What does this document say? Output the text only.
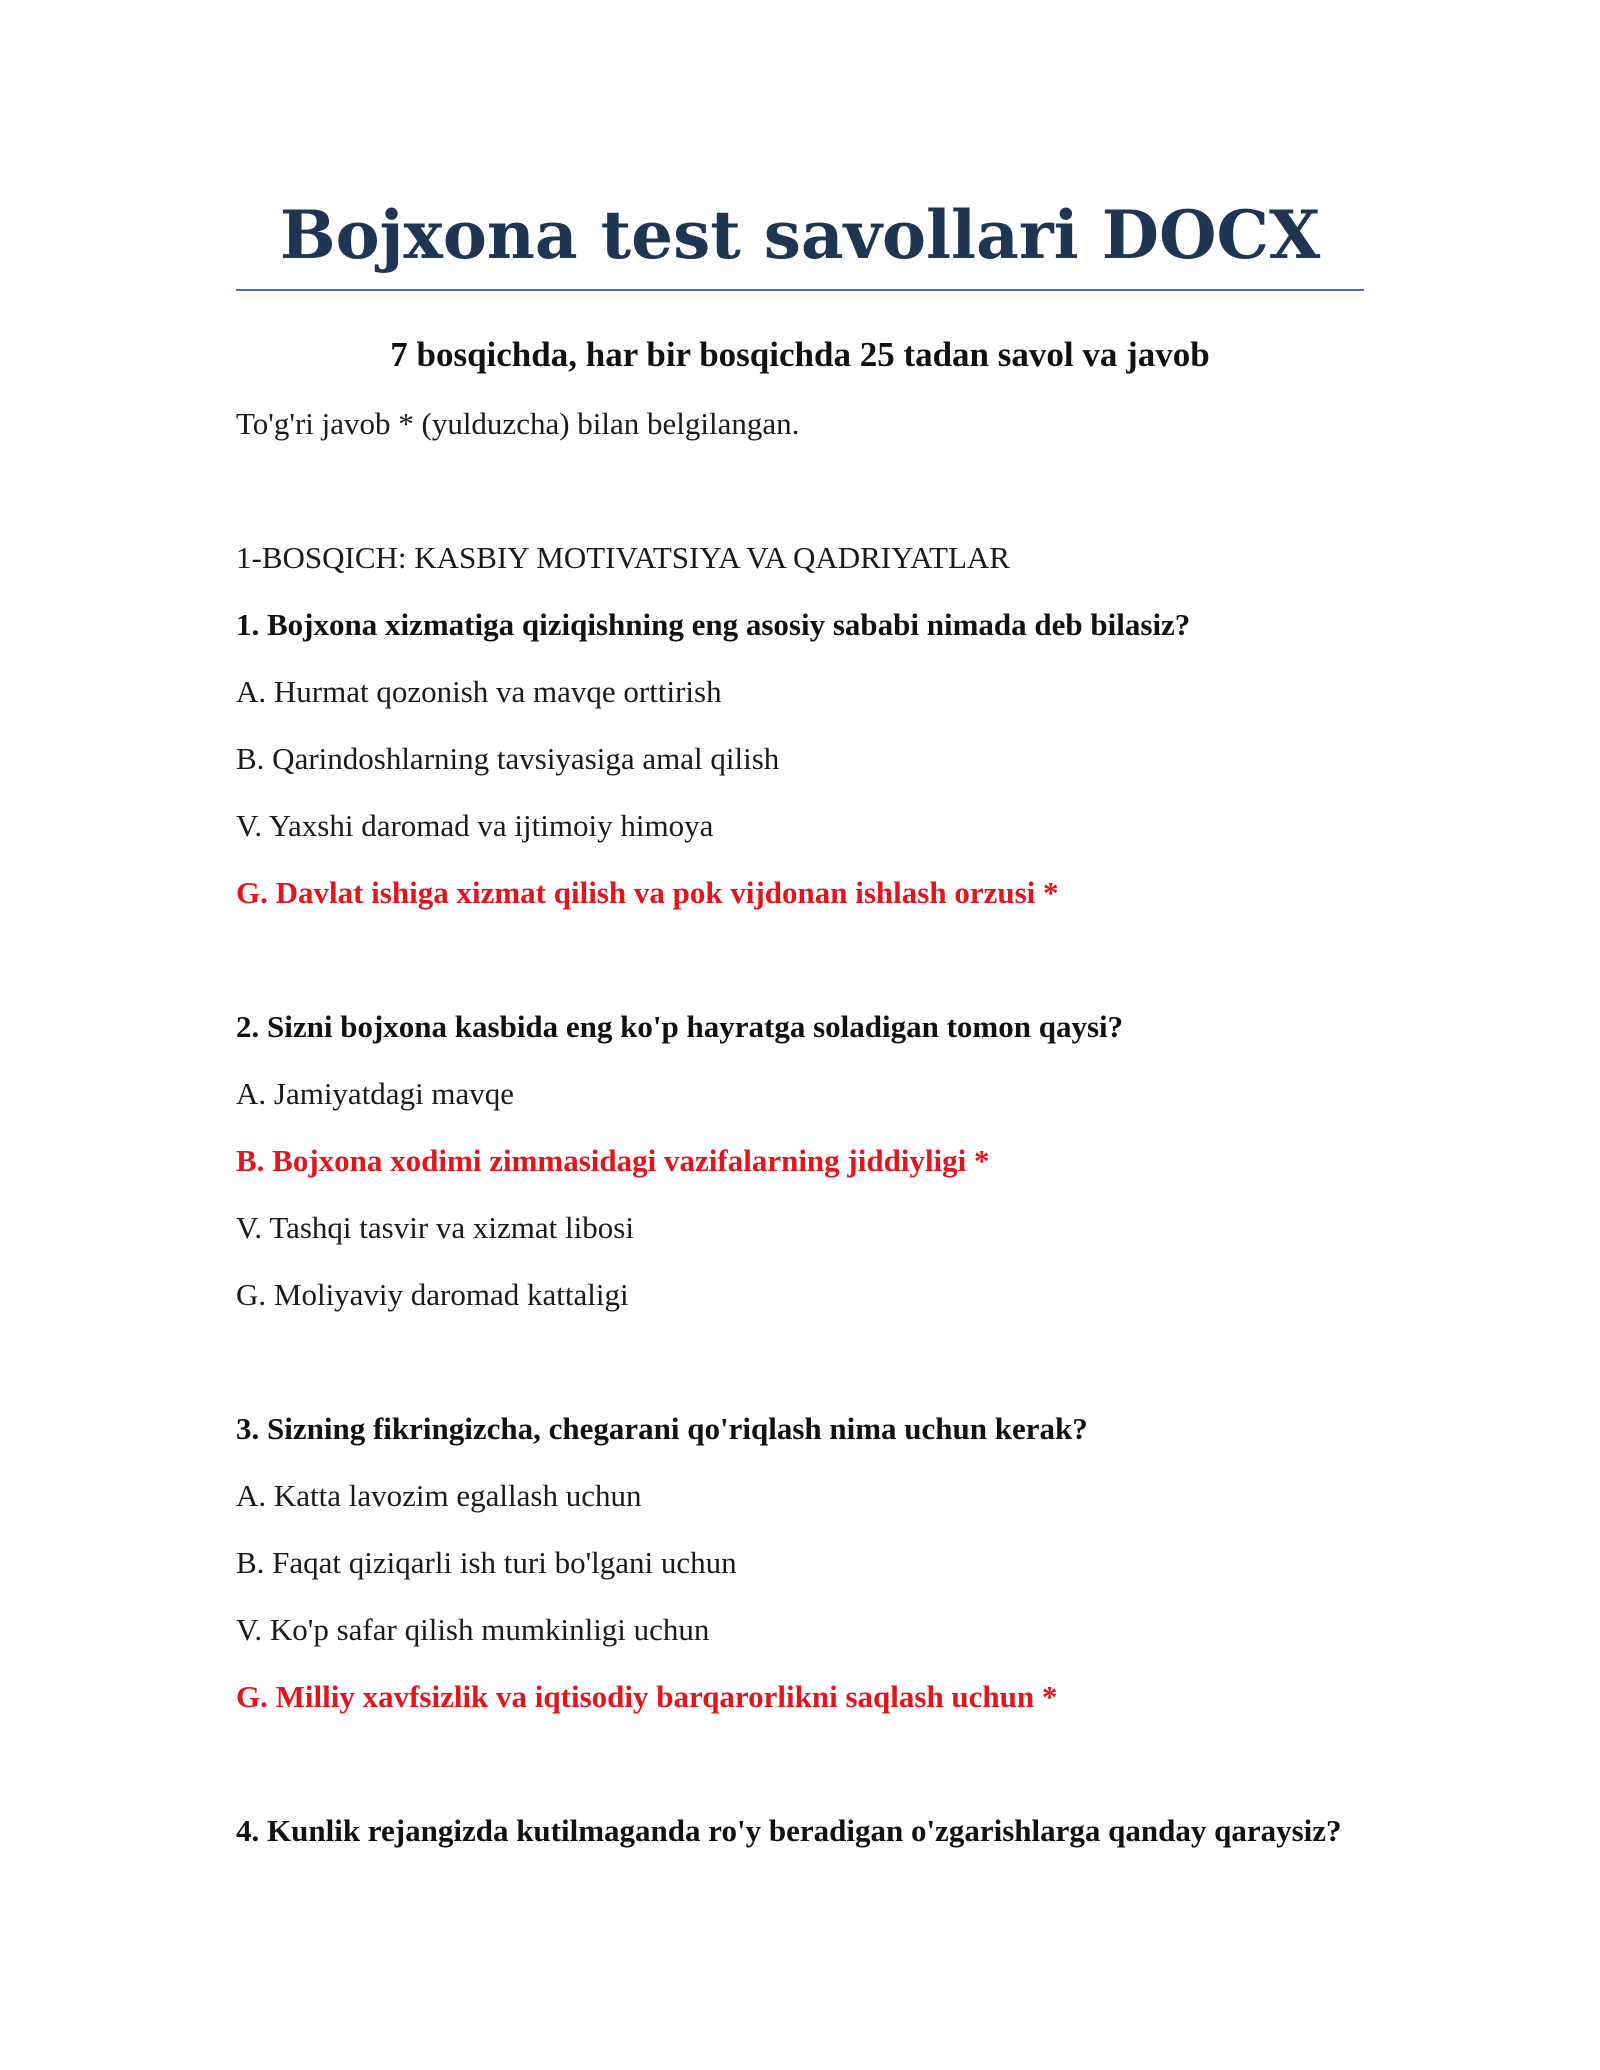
Bojxona test savollari DOCX
7 bosqichda, har bir bosqichda 25 tadan savol va javob

To'g'ri javob * (yulduzcha) bilan belgilangan.

1-BOSQICH: KASBIY MOTIVATSIYA VA QADRIYATLAR

1. Bojxona xizmatiga qiziqishning eng asosiy sababi nimada deb bilasiz?

A. Hurmat qozonish va mavqe orttirish

B. Qarindoshlarning tavsiyasiga amal qilish

V. Yaxshi daromad va ijtimoiy himoya

G. Davlat ishiga xizmat qilish va pok vijdonan ishlash orzusi *

2. Sizni bojxona kasbida eng ko'p hayratga soladigan tomon qaysi?

A. Jamiyatdagi mavqe

B. Bojxona xodimi zimmasidagi vazifalarning jiddiyligi *

V. Tashqi tasvir va xizmat libosi

G. Moliyaviy daromad kattaligi

3. Sizning fikringizcha, chegarani qo'riqlash nima uchun kerak?

A. Katta lavozim egallash uchun

B. Faqat qiziqarli ish turi bo'lgani uchun

V. Ko'p safar qilish mumkinligi uchun

G. Milliy xavfsizlik va iqtisodiy barqarorlikni saqlash uchun *

4. Kunlik rejangizda kutilmaganda ro'y beradigan o'zgarishlarga qanday qaraysiz?
